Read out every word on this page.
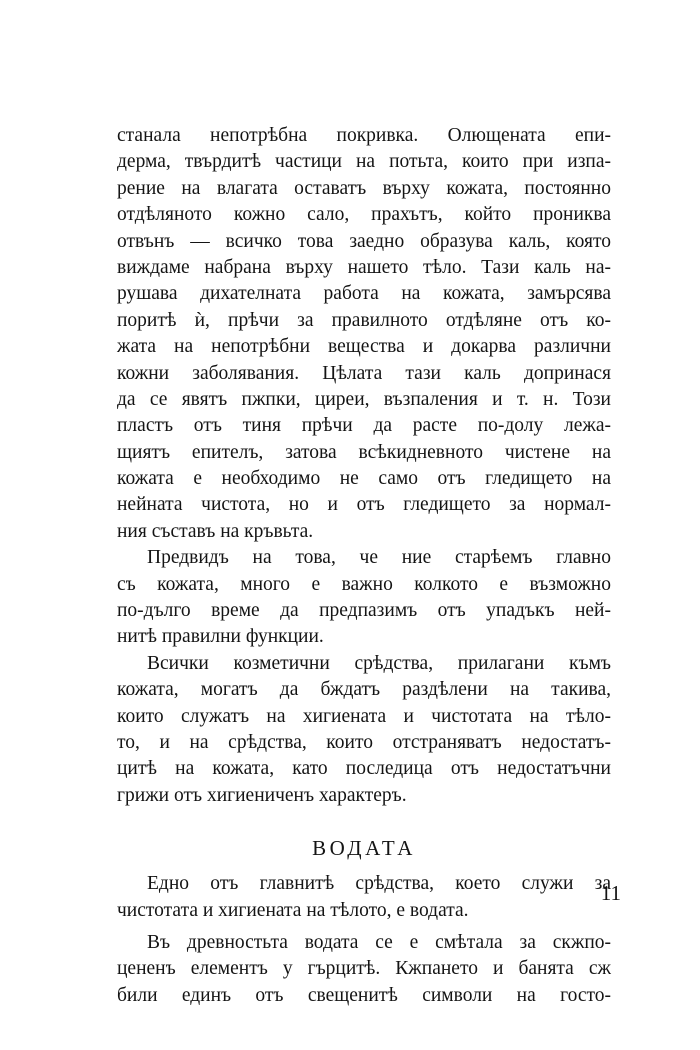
станала непотрѣбна покривка. Олющената епи-
дерма, твърдитѣ частици на потьта, които при изпа-
рение на влагата оставатъ върху кожата, постоянно
отдѣляното кожно сало, прахътъ, който прониква
отвънъ — всичко това заедно образува каль, която
виждаме набрана върху нашето тѣло. Тази каль на-
рушава дихателната работа на кожата, замърсява
поритѣ ѝ, прѣчи за правилното отдѣляне отъ ко-
жата на непотрѣбни вещества и докарва различни
кожни заболявания. Цѣлата тази каль допринася
да се явятъ пжпки, циреи, възпаления и т. н. Този
пластъ отъ тиня прѣчи да расте по-долу лежа-
щиятъ епителъ, затова всѣкидневното чистене на
кожата е необходимо не само отъ гледището на
нейната чистота, но и отъ гледището за нормал-
ния съставъ на кръвьта.
Предвидъ на това, че ние старѣемъ главно
съ кожата, много е важно колкото е възможно
по-дълго време да предпазимъ отъ упадъкъ ней-
нитѣ правилни функции.
Всички козметични срѣдства, прилагани къмъ
кожата, могатъ да бждатъ раздѣлени на такива,
които служатъ на хигиената и чистотата на тѣло-
то, и на срѣдства, които отстраняватъ недостатъ-
цитѣ на кожата, като последица отъ недостатъчни
грижи отъ хигиениченъ характеръ.
ВОДАТА
Едно отъ главнитѣ срѣдства, което служи за
чистотата и хигиената на тѣлото, е водата.
Въ древностьта водата се е смѣтала за скжпо-
цененъ елементъ у гърцитѣ. Кжпането и банята сж
били единъ отъ свещенитѣ символи на госто-
11
